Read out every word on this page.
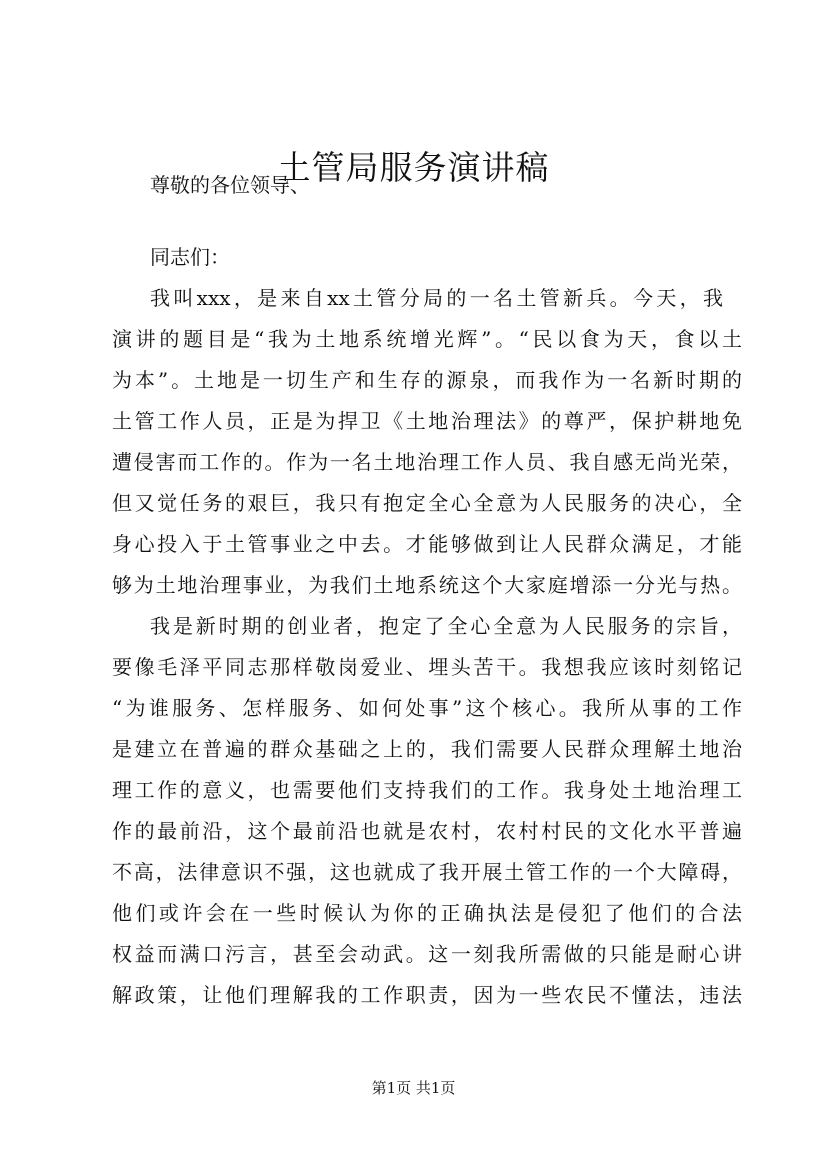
土管局服务演讲稿

尊敬的各位领导、

同志们：

我叫xxx，是来自xx土管分局的一名土管新兵。今天，我

演讲的题目是“我为土地系统增光辉”。“民以食为天，食以土

为本”。土地是一切生产和生存的源泉，而我作为一名新时期的

土管工作人员，正是为捍卫《土地治理法》的尊严，保护耕地免

遭侵害而工作的。作为一名土地治理工作人员、我自感无尚光荣，

但又觉任务的艰巨，我只有抱定全心全意为人民服务的决心，全

身心投入于土管事业之中去。才能够做到让人民群众满足，才能

够为土地治理事业，为我们土地系统这个大家庭增添一分光与热。

我是新时期的创业者，抱定了全心全意为人民服务的宗旨，

要像毛泽平同志那样敬岗爱业、埋头苦干。我想我应该时刻铭记

“为谁服务、怎样服务、如何处事”这个核心。我所从事的工作

是建立在普遍的群众基础之上的，我们需要人民群众理解土地治

理工作的意义，也需要他们支持我们的工作。我身处土地治理工

作的最前沿，这个最前沿也就是农村，农村村民的文化水平普遍

不高，法律意识不强，这也就成了我开展土管工作的一个大障碍，

他们或许会在一些时候认为你的正确执法是侵犯了他们的合法

权益而满口污言，甚至会动武。这一刻我所需做的只能是耐心讲

解政策，让他们理解我的工作职责，因为一些农民不懂法，违法

第1页 共1页
